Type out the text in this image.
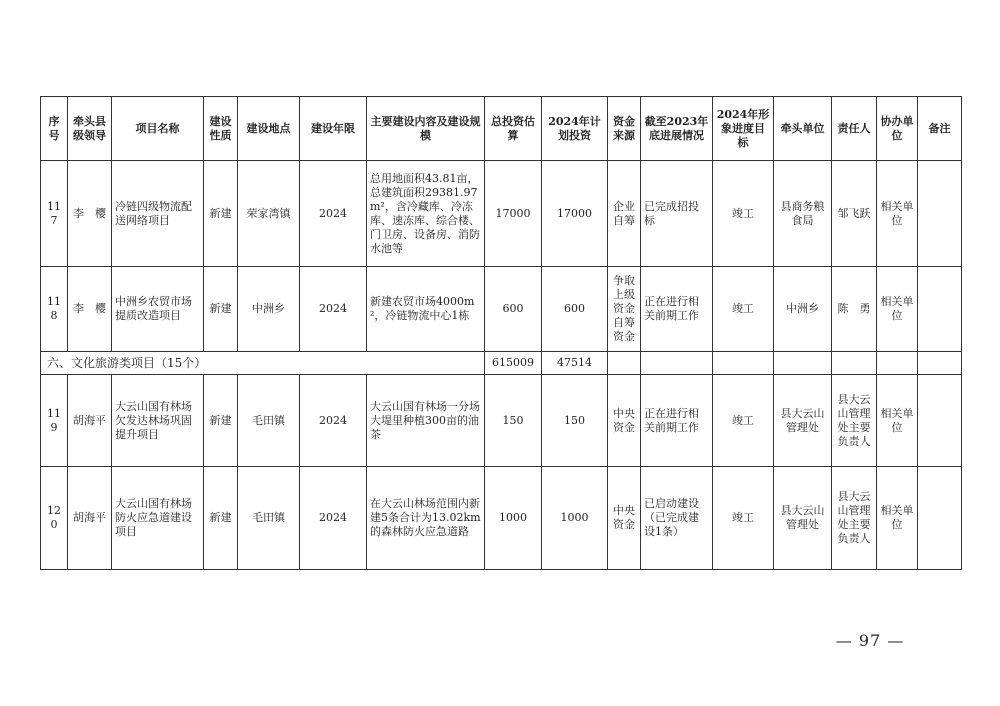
序号	牵头县级领导	项目名称	建设性质	建设地点	建设年限	主要建设内容及建设规模	总投资估算	2024年计划投资	资金来源	截至2023年底进展情况	2024年形象进度目标	牵头单位	责任人	协办单位	备注
117	李　樱	冷链四级物流配送网络项目	新建	荣家湾镇	2024	总用地面积43.81亩，总建筑面积29381.97m²，含冷藏库、冷冻库、速冻库、综合楼、门卫房、设备房、消防水池等	17000	17000	企业自筹	已完成招投标	竣工	县商务粮食局	邹飞跃	相关单位	
118	李　樱	中洲乡农贸市场提质改造项目	新建	中洲乡	2024	新建农贸市场4000m²，冷链物流中心1栋	600	600	争取上级资金自筹资金	正在进行相关前期工作	竣工	中洲乡	陈　勇	相关单位	
六、文化旅游类项目（15个）							615009	47514							
119	胡海平	大云山国有林场欠发达林场巩固提升项目	新建	毛田镇	2024	大云山国有林场一分场大堤里种植300亩的油茶	150	150	中央资金	正在进行相关前期工作	竣工	县大云山管理处	县大云山管理处主要负责人	相关单位	
120	胡海平	大云山国有林场防火应急道建设项目	新建	毛田镇	2024	在大云山林场范围内新建5条合计为13.02km的森林防火应急道路	1000	1000	中央资金	已启动建设（已完成建设1条）	竣工	县大云山管理处	县大云山管理处主要负责人	相关单位	
— 97 —
